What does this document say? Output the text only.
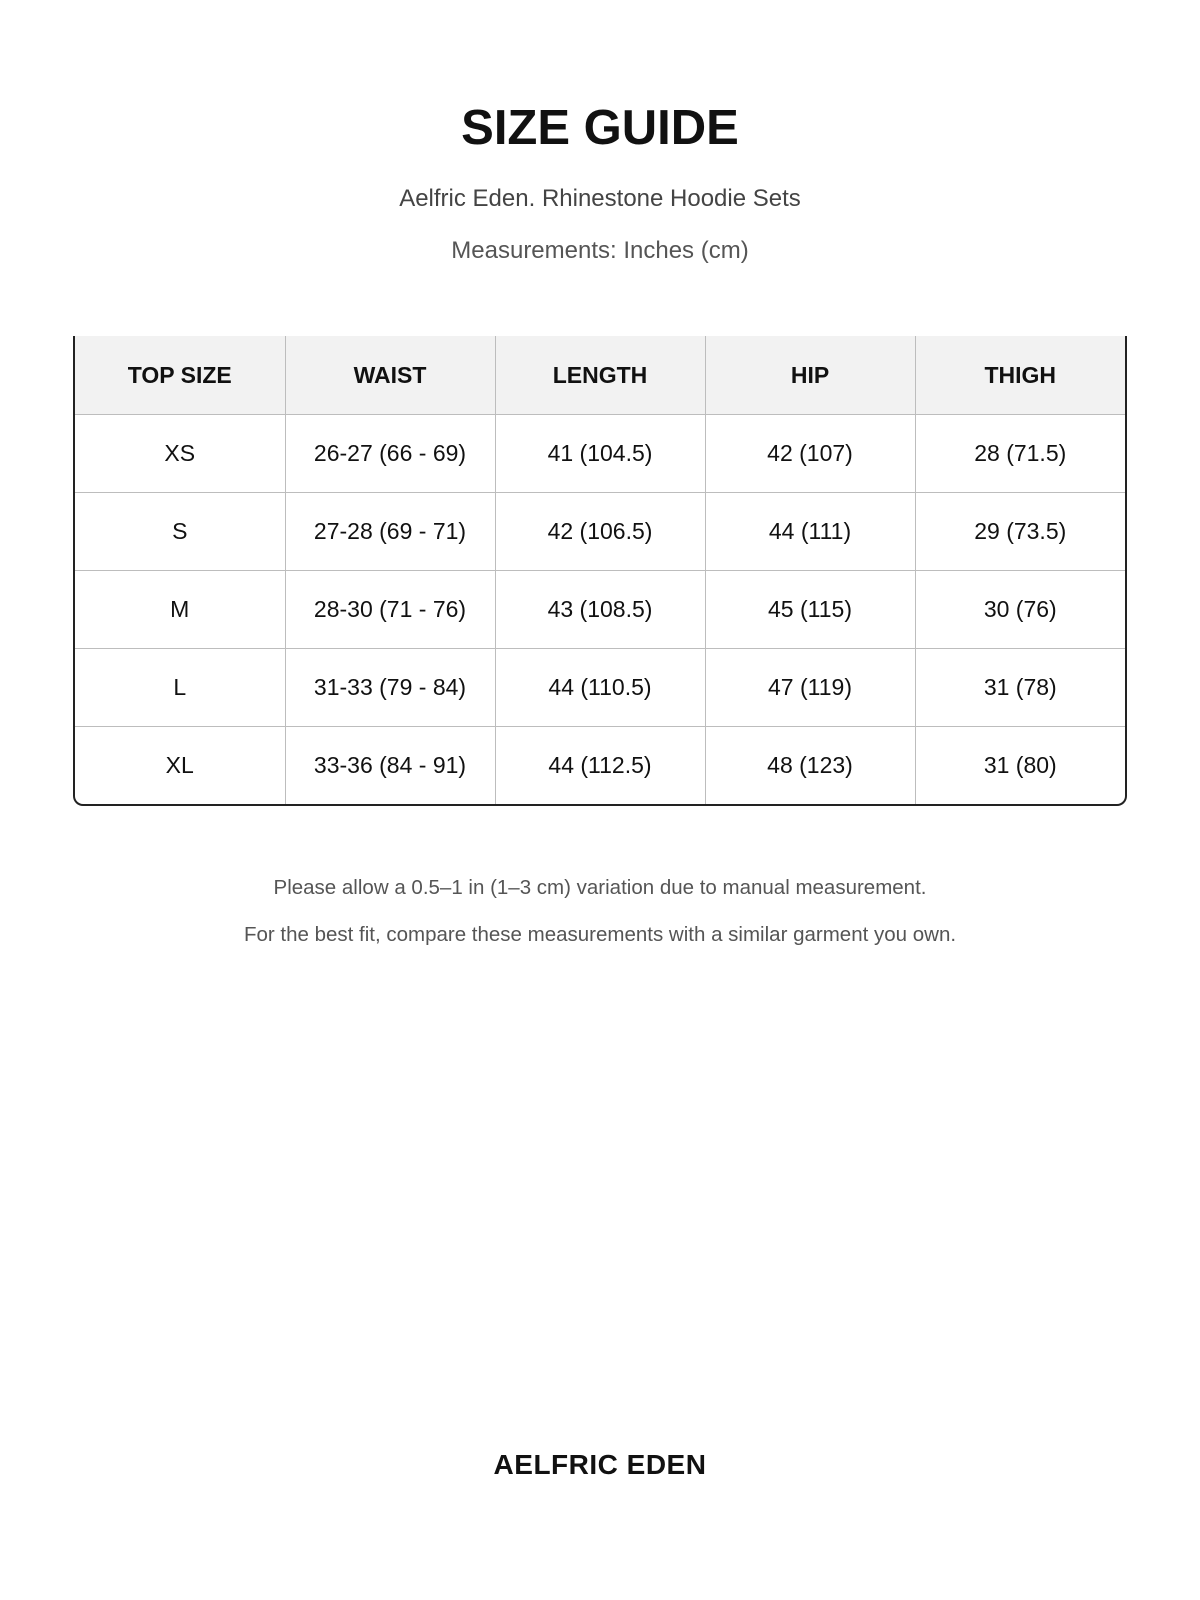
SIZE GUIDE
Aelfric Eden. Rhinestone Hoodie Sets
Measurements: Inches (cm)
TOP SIZE	WAIST	LENGTH	HIP	THIGH
XS	26-27 (66 - 69)	41 (104.5)	42 (107)	28 (71.5)
S	27-28 (69 - 71)	42 (106.5)	44 (111)	29 (73.5)
M	28-30 (71 - 76)	43 (108.5)	45 (115)	30 (76)
L	31-33 (79 - 84)	44 (110.5)	47 (119)	31 (78)
XL	33-36 (84 - 91)	44 (112.5)	48 (123)	31 (80)
Please allow a 0.5–1 in (1–3 cm) variation due to manual measurement.
For the best fit, compare these measurements with a similar garment you own.
AELFRIC EDEN
